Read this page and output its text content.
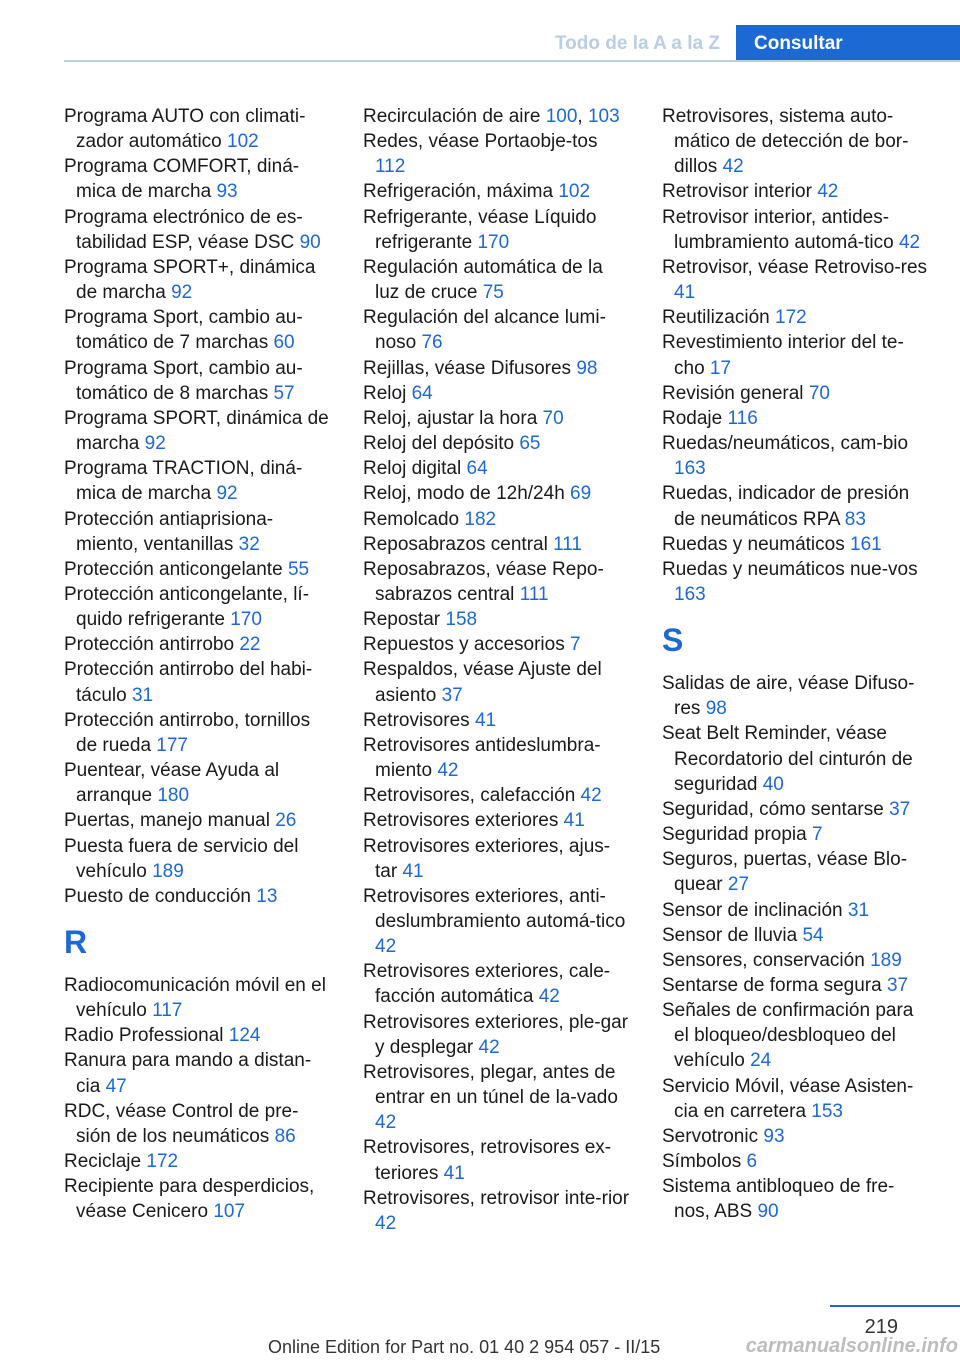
Todo de la A a la Z	Consultar
Programa AUTO con climati‐zador automático 102
Programa COMFORT, diná‐mica de marcha 93
Programa electrónico de es‐tabilidad ESP, véase DSC 90
Programa SPORT+, dinámica de marcha 92
Programa Sport, cambio au‐tomático de 7 marchas 60
Programa Sport, cambio au‐tomático de 8 marchas 57
Programa SPORT, dinámica de marcha 92
Programa TRACTION, diná‐mica de marcha 92
Protección antiaprisiona‐miento, ventanillas 32
Protección anticongelante 55
Protección anticongelante, lí‐quido refrigerante 170
Protección antirrobo 22
Protección antirrobo del habi‐táculo 31
Protección antirrobo, tornillos de rueda 177
Puentear, véase Ayuda al arranque 180
Puertas, manejo manual 26
Puesta fuera de servicio del vehículo 189
Puesto de conducción 13
R
Radiocomunicación móvil en el vehículo 117
Radio Professional 124
Ranura para mando a distan‐cia 47
RDC, véase Control de pre‐sión de los neumáticos 86
Reciclaje 172
Recipiente para desperdicios, véase Cenicero 107
Recirculación de aire 100, 103
Redes, véase Portaobje‐tos 112
Refrigeración, máxima 102
Refrigerante, véase Líquido refrigerante 170
Regulación automática de la luz de cruce 75
Regulación del alcance lumi‐noso 76
Rejillas, véase Difusores 98
Reloj 64
Reloj, ajustar la hora 70
Reloj del depósito 65
Reloj digital 64
Reloj, modo de 12h/24h 69
Remolcado 182
Reposabrazos central 111
Reposabrazos, véase Repo‐sabrazos central 111
Repostar 158
Repuestos y accesorios 7
Respaldos, véase Ajuste del asiento 37
Retrovisores 41
Retrovisores antideslumbra‐miento 42
Retrovisores, calefacción 42
Retrovisores exteriores 41
Retrovisores exteriores, ajus‐tar 41
Retrovisores exteriores, anti‐deslumbramiento automá‐tico 42
Retrovisores exteriores, cale‐facción automática 42
Retrovisores exteriores, ple‐gar y desplegar 42
Retrovisores, plegar, antes de entrar en un túnel de la‐vado 42
Retrovisores, retrovisores ex‐teriores 41
Retrovisores, retrovisor inte‐rior 42
Retrovisores, sistema auto‐mático de detección de bor‐dillos 42
Retrovisor interior 42
Retrovisor interior, antides‐lumbramiento automá‐tico 42
Retrovisor, véase Retroviso‐res 41
Reutilización 172
Revestimiento interior del te‐cho 17
Revisión general 70
Rodaje 116
Ruedas/neumáticos, cam‐bio 163
Ruedas, indicador de presión de neumáticos RPA 83
Ruedas y neumáticos 161
Ruedas y neumáticos nue‐vos 163
S
Salidas de aire, véase Difuso‐res 98
Seat Belt Reminder, véase Recordatorio del cinturón de seguridad 40
Seguridad, cómo sentarse 37
Seguridad propia 7
Seguros, puertas, véase Blo‐quear 27
Sensor de inclinación 31
Sensor de lluvia 54
Sensores, conservación 189
Sentarse de forma segura 37
Señales de confirmación para el bloqueo/desbloqueo del vehículo 24
Servicio Móvil, véase Asisten‐cia en carretera 153
Servotronic 93
Símbolos 6
Sistema antibloqueo de fre‐nos, ABS 90
219
Online Edition for Part no. 01 40 2 954 057 - II/15	carmanualsonline.info
